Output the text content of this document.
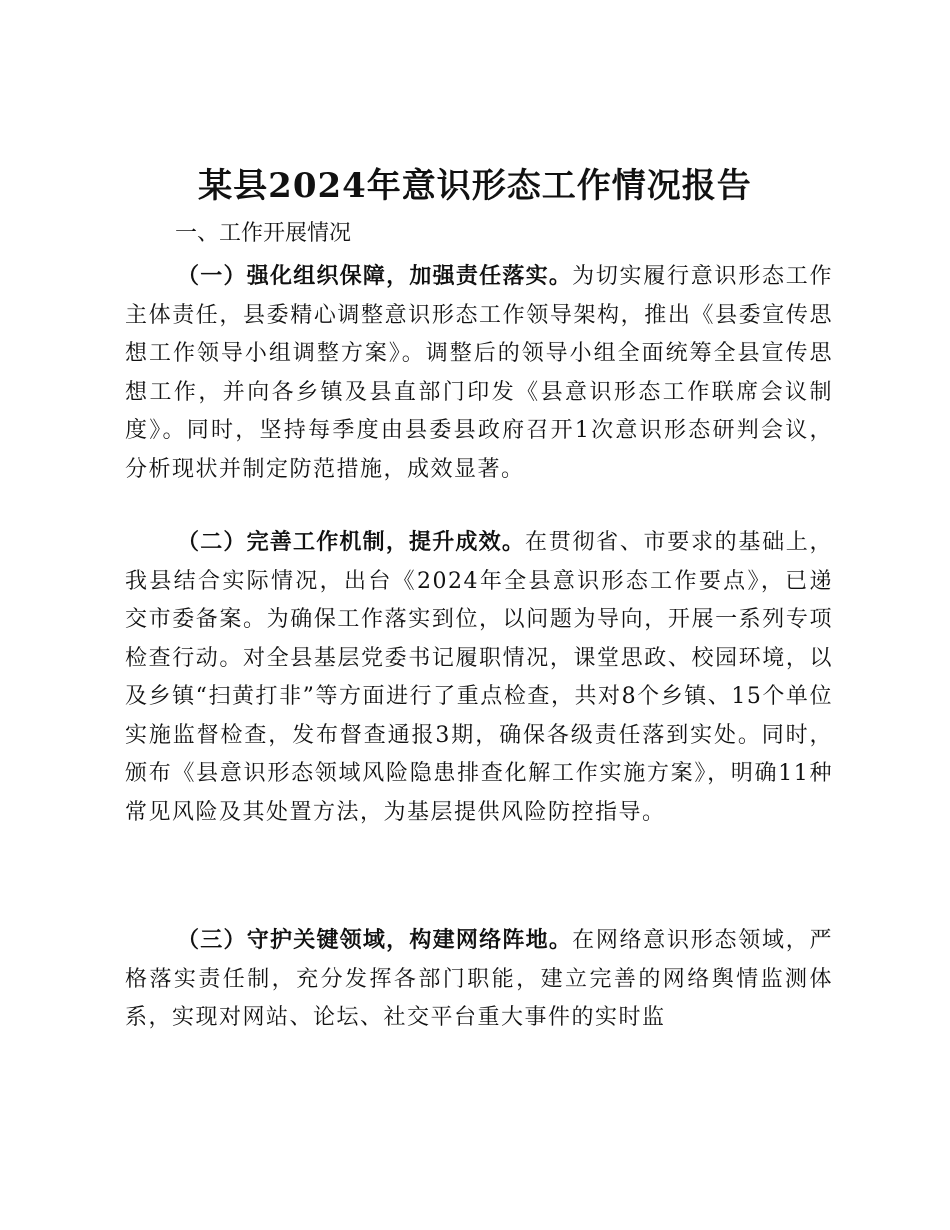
某县2024年意识形态工作情况报告
一、工作开展情况

（一）强化组织保障，加强责任落实。为切实履行意识形态工作主体责任，县委精心调整意识形态工作领导架构，推出《县委宣传思想工作领导小组调整方案》。调整后的领导小组全面统筹全县宣传思想工作，并向各乡镇及县直部门印发《县意识形态工作联席会议制度》。同时，坚持每季度由县委县政府召开1次意识形态研判会议，分析现状并制定防范措施，成效显著。

（二）完善工作机制，提升成效。在贯彻省、市要求的基础上，我县结合实际情况，出台《2024年全县意识形态工作要点》，已递交市委备案。为确保工作落实到位，以问题为导向，开展一系列专项检查行动。对全县基层党委书记履职情况，课堂思政、校园环境，以及乡镇“扫黄打非”等方面进行了重点检查，共对8个乡镇、15个单位实施监督检查，发布督查通报3期，确保各级责任落到实处。同时，颁布《县意识形态领域风险隐患排查化解工作实施方案》，明确11种常见风险及其处置方法，为基层提供风险防控指导。

（三）守护关键领域，构建网络阵地。在网络意识形态领域，严格落实责任制，充分发挥各部门职能，建立完善的网络舆情监测体系，实现对网站、论坛、社交平台重大事件的实时监
